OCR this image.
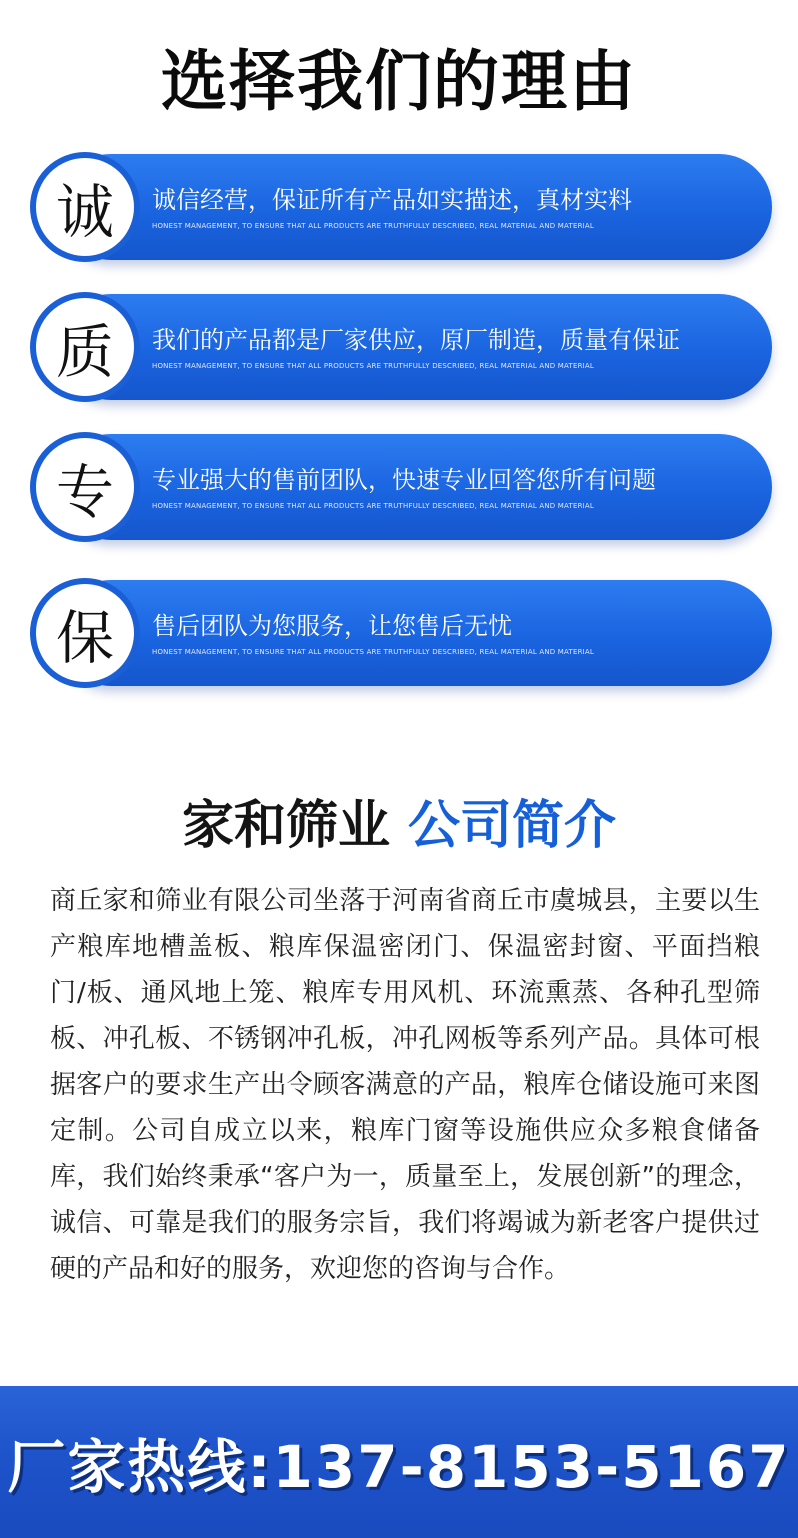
选择我们的理由
诚	诚信经营，保证所有产品如实描述，真材实料
HONEST MANAGEMENT, TO ENSURE THAT ALL PRODUCTS ARE TRUTHFULLY DESCRIBED, REAL MATERIAL AND MATERIAL
质	我们的产品都是厂家供应，原厂制造，质量有保证
HONEST MANAGEMENT, TO ENSURE THAT ALL PRODUCTS ARE TRUTHFULLY DESCRIBED, REAL MATERIAL AND MATERIAL
专	专业强大的售前团队，快速专业回答您所有问题
HONEST MANAGEMENT, TO ENSURE THAT ALL PRODUCTS ARE TRUTHFULLY DESCRIBED, REAL MATERIAL AND MATERIAL
保	售后团队为您服务，让您售后无忧
HONEST MANAGEMENT, TO ENSURE THAT ALL PRODUCTS ARE TRUTHFULLY DESCRIBED, REAL MATERIAL AND MATERIAL
家和筛业 公司简介

商丘家和筛业有限公司坐落于河南省商丘市虞城县，主要以生产粮库地槽盖板、粮库保温密闭门、保温密封窗、平面挡粮门/板、通风地上笼、粮库专用风机、环流熏蒸、各种孔型筛板、冲孔板、不锈钢冲孔板，冲孔网板等系列产品。具体可根据客户的要求生产出令顾客满意的产品，粮库仓储设施可来图定制。公司自成立以来，粮库门窗等设施供应众多粮食储备库，我们始终秉承“客户为一，质量至上，发展创新”的理念，诚信、可靠是我们的服务宗旨，我们将竭诚为新老客户提供过硬的产品和好的服务，欢迎您的咨询与合作。

厂家热线:137-8153-5167
